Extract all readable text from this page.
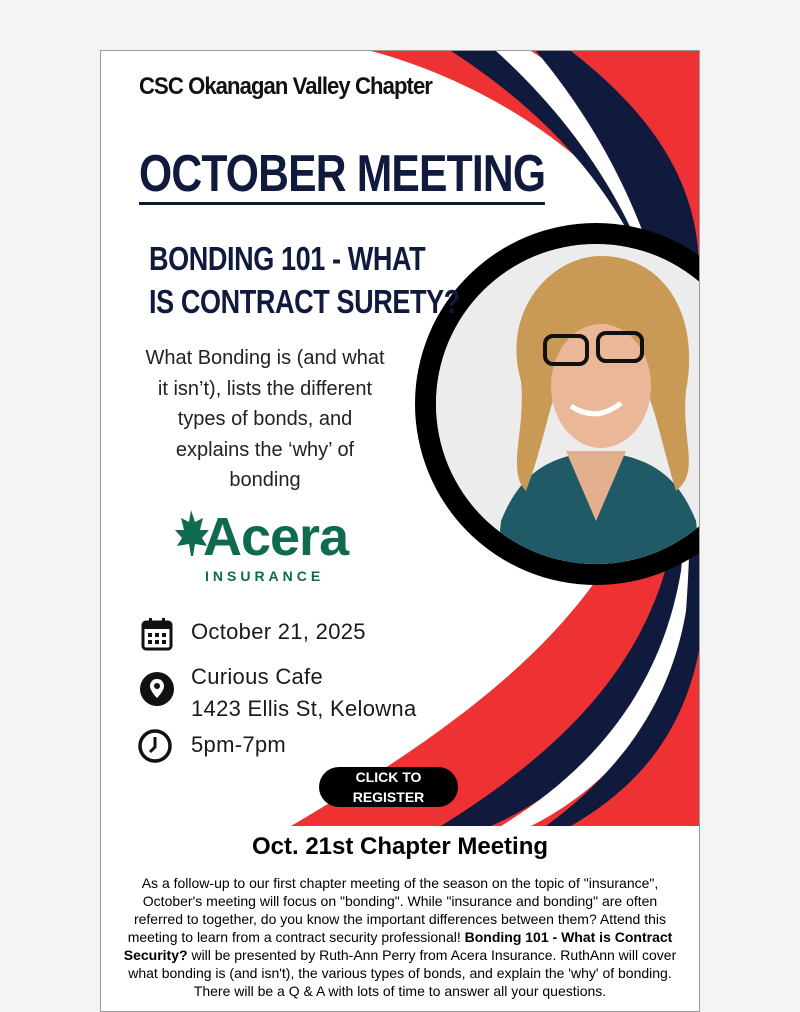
CSC Okanagan Valley Chapter
OCTOBER MEETING
BONDING 101 - WHAT
IS CONTRACT SURETY?
What Bonding is (and what it isn’t), lists the different types of bonds, and explains the ‘why’ of bonding
Acera
INSURANCE
October 21, 2025
Curious Cafe
1423 Ellis St, Kelowna
5pm-7pm
CLICK TO
REGISTER
Oct. 21st Chapter Meeting
As a follow-up to our first chapter meeting of the season on the topic of "insurance", October's meeting will focus on "bonding". While "insurance and bonding" are often referred to together, do you know the important differences between them? Attend this meeting to learn from a contract security professional! Bonding 101 - What is Contract Security? will be presented by Ruth-Ann Perry from Acera Insurance. RuthAnn will cover what bonding is (and isn't), the various types of bonds, and explain the 'why' of bonding. There will be a Q & A with lots of time to answer all your questions.
